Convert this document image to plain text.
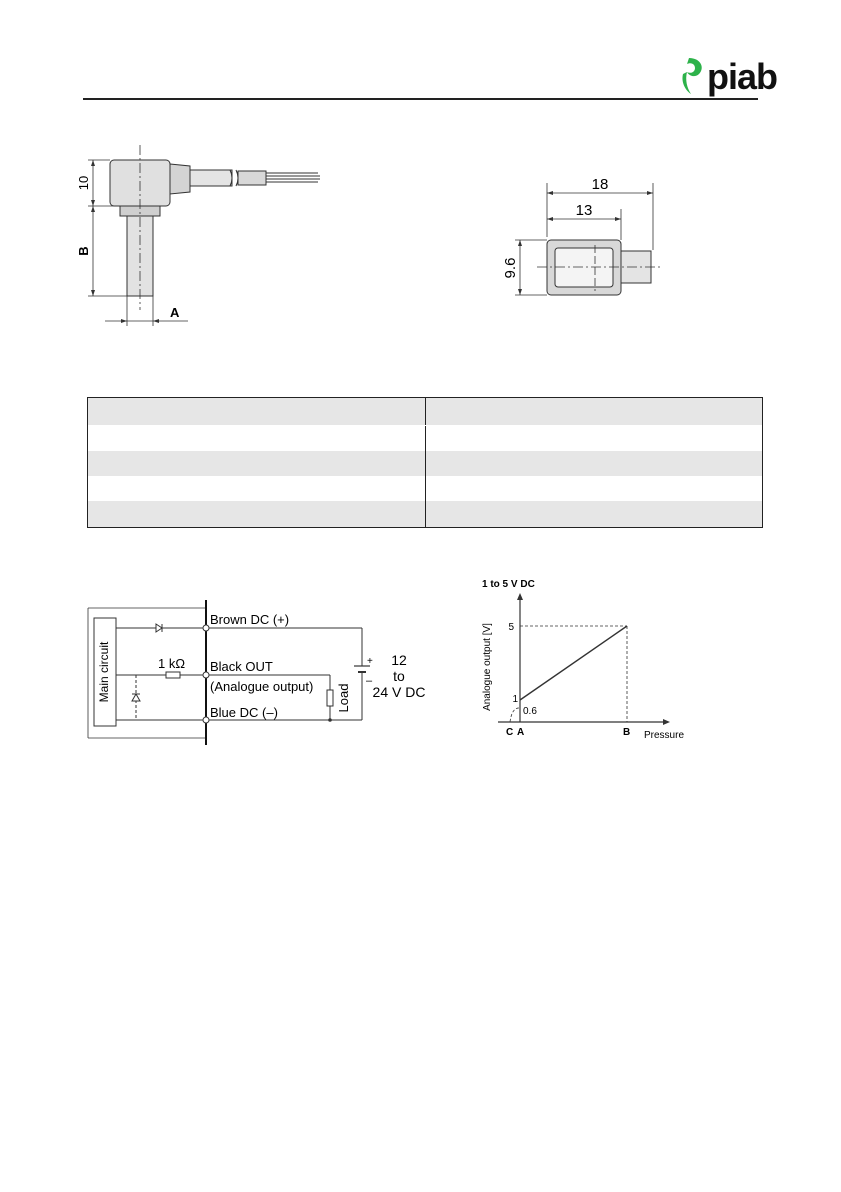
piab
10
B
A
18
13
9.6
Main circuit
Brown DC (+)
1 kΩ Black OUT
(Analogue output)
Blue DC (–)
Load
+
–
12
to
24 V DC
1 to 5 V DC
5
1
0.6
C A	B Pressure
Analogue output [V]
